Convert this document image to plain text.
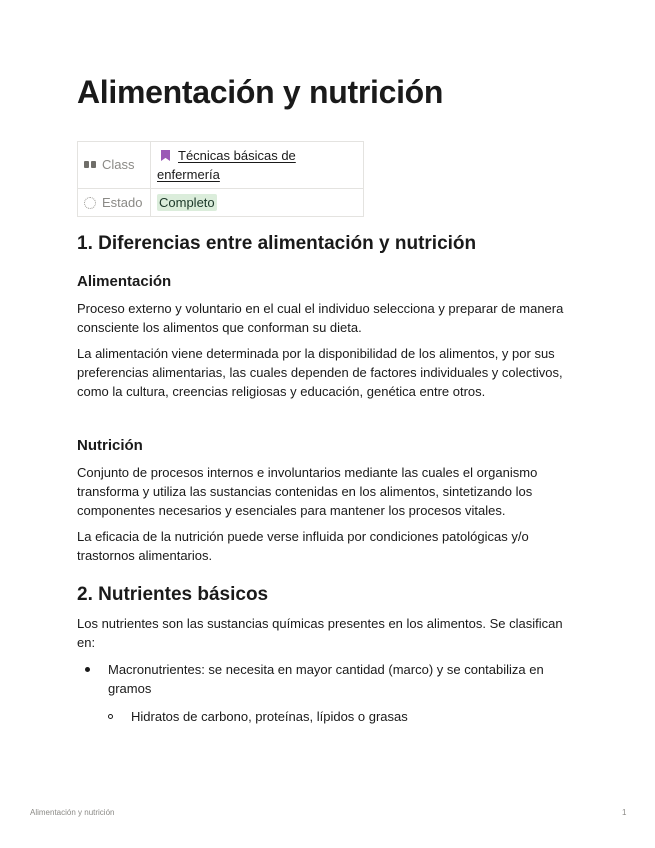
Alimentación y nutrición
Class	Técnicas básicas de
enfermería

Estado	Completo
1. Diferencias entre alimentación y nutrición
Alimentación

Proceso externo y voluntario en el cual el individuo selecciona y preparar de manera consciente los alimentos que conforman su dieta.

La alimentación viene determinada por la disponibilidad de los alimentos, y por sus preferencias alimentarias, las cuales dependen de factores individuales y colectivos, como la cultura, creencias religiosas y educación, genética entre otros.

Nutrición

Conjunto de procesos internos e involuntarios mediante las cuales el organismo transforma y utiliza las sustancias contenidas en los alimentos, sintetizando los componentes necesarios y esenciales para mantener los procesos vitales.

La eficacia de la nutrición puede verse influida por condiciones patológicas y/o trastornos alimentarios.

2. Nutrientes básicos

Los nutrientes son las sustancias químicas presentes en los alimentos. Se clasifican en:

Macronutrientes: se necesita en mayor cantidad (marco) y se contabiliza en
gramos
Hidratos de carbono, proteínas, lípidos o grasas
Alimentación y nutrición	1
